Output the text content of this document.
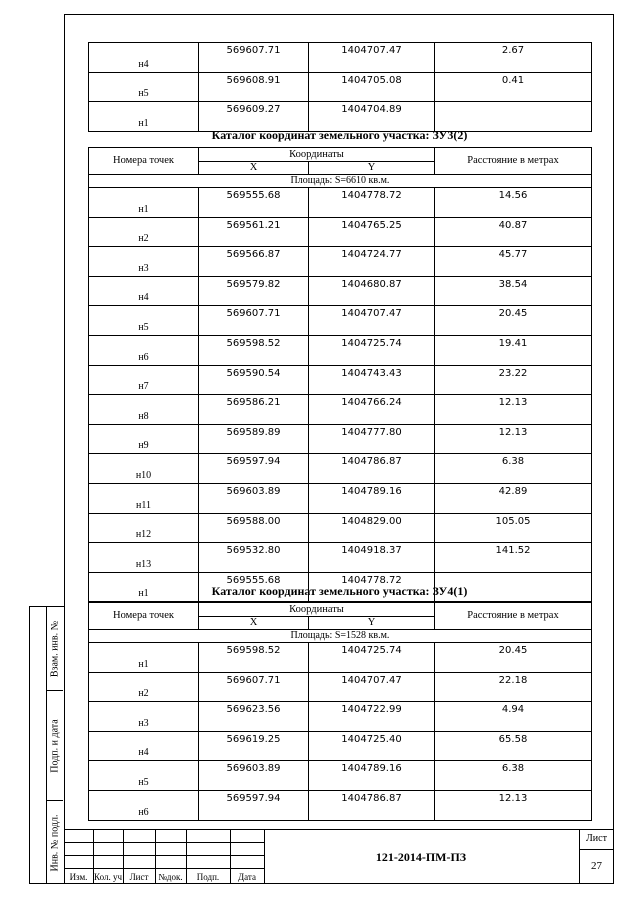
Взам. инв. №
Подп. и дата
Инв. № подл.
н4	569607.71	1404707.47	2.67
н5	569608.91	1404705.08	0.41
н1	569609.27	1404704.89	
Каталог координат земельного участка: ЗУ3(2)
Номера точек	Координаты		Расстояние в метрах
	X	Y	
Площадь: S=6610 кв.м.			
н1	569555.68	1404778.72	14.56
н2	569561.21	1404765.25	40.87
н3	569566.87	1404724.77	45.77
н4	569579.82	1404680.87	38.54
н5	569607.71	1404707.47	20.45
н6	569598.52	1404725.74	19.41
н7	569590.54	1404743.43	23.22
н8	569586.21	1404766.24	12.13
н9	569589.89	1404777.80	12.13
н10	569597.94	1404786.87	6.38
н11	569603.89	1404789.16	42.89
н12	569588.00	1404829.00	105.05
н13	569532.80	1404918.37	141.52
н1	569555.68	1404778.72	
Каталог координат земельного участка: ЗУ4(1)
Номера точек	Координаты		Расстояние в метрах
	X	Y	
Площадь: S=1528 кв.м.			
н1	569598.52	1404725.74	20.45
н2	569607.71	1404707.47	22.18
н3	569623.56	1404722.99	4.94
н4	569619.25	1404725.40	65.58
н5	569603.89	1404789.16	6.38
н6	569597.94	1404786.87	12.13
Изм. Кол. уч Лист	№док.	Подп.	Дата
121-2014-ПМ-ПЗ
Лист
27
